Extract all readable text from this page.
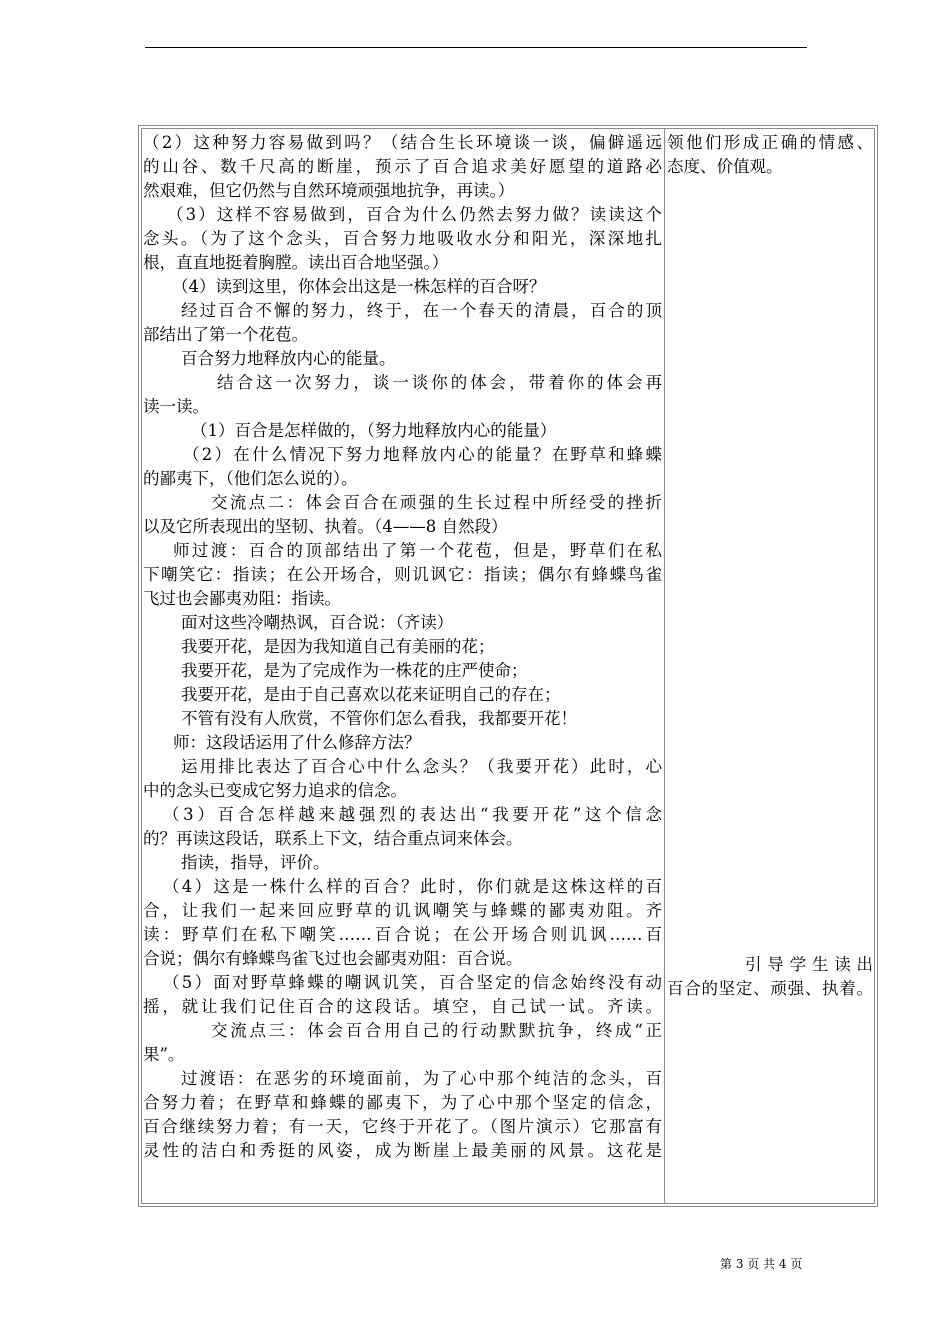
（2）这种努力容易做到吗？（结合生长环境谈一谈，偏僻遥远
的山谷、数千尺高的断崖，预示了百合追求美好愿望的道路必
然艰难，但它仍然与自然环境顽强地抗争，再读。）
（3）这样不容易做到，百合为什么仍然去努力做？读读这个
念头。（为了这个念头，百合努力地吸收水分和阳光，深深地扎
根，直直地挺着胸膛。读出百合地坚强。）
（4）读到这里，你体会出这是一株怎样的百合呀？
经过百合不懈的努力，终于，在一个春天的清晨，百合的顶
部结出了第一个花苞。
百合努力地释放内心的能量。
结合这一次努力，谈一谈你的体会，带着你的体会再
读一读。
（1）百合是怎样做的，（努力地释放内心的能量）
（2）在什么情况下努力地释放内心的能量？在野草和蜂蝶
的鄙夷下，（他们怎么说的）。
交流点二：体会百合在顽强的生长过程中所经受的挫折
以及它所表现出的坚韧、执着。（4——8 自然段）
师过渡：百合的顶部结出了第一个花苞，但是，野草们在私
下嘲笑它：指读；在公开场合，则讥讽它：指读；偶尔有蜂蝶鸟雀
飞过也会鄙夷劝阻：指读。
面对这些冷嘲热讽，百合说：（齐读）
我要开花，是因为我知道自己有美丽的花；
我要开花，是为了完成作为一株花的庄严使命；
我要开花，是由于自己喜欢以花来证明自己的存在；
不管有没有人欣赏，不管你们怎么看我，我都要开花！
师：这段话运用了什么修辞方法？
运用排比表达了百合心中什么念头？（我要开花）此时，心
中的念头已变成它努力追求的信念。
（3）百合怎样越来越强烈的表达出“我要开花”这个信念
的？再读这段话，联系上下文，结合重点词来体会。
指读，指导，评价。
（4）这是一株什么样的百合？此时，你们就是这株这样的百
合，让我们一起来回应野草的讥讽嘲笑与蜂蝶的鄙夷劝阻。齐
读：野草们在私下嘲笑……百合说；在公开场合则讥讽……百
合说；偶尔有蜂蝶鸟雀飞过也会鄙夷劝阻：百合说。
（5）面对野草蜂蝶的嘲讽讥笑，百合坚定的信念始终没有动
摇，就让我们记住百合的这段话。填空，自己试一试。齐读。
交流点三：体会百合用自己的行动默默抗争，终成“正
果”。
过渡语：在恶劣的环境面前，为了心中那个纯洁的念头，百
合努力着；在野草和蜂蝶的鄙夷下，为了心中那个坚定的信念，
百合继续努力着；有一天，它终于开花了。（图片演示）它那富有
灵性的洁白和秀挺的风姿，成为断崖上最美丽的风景。这花是
领他们形成正确的情感、
态度、价值观。
引导学生读出
百合的坚定、顽强、执着。
第 3 页 共 4 页
